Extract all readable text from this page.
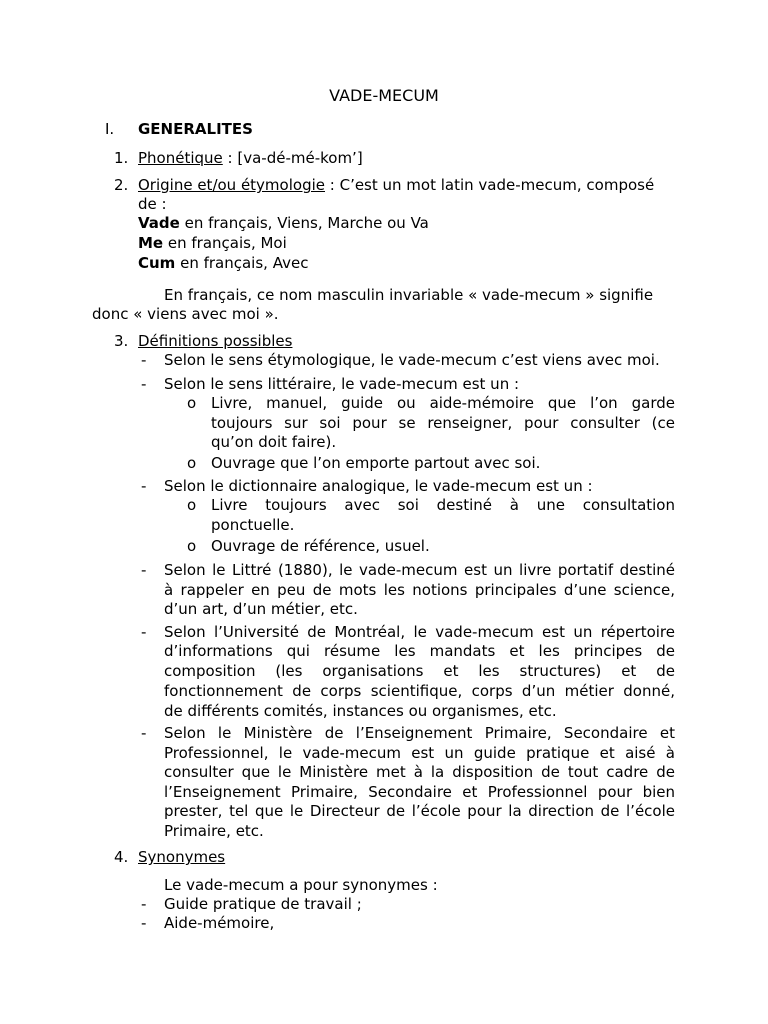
VADE-MECUM
I. GENERALITES
1. Phonétique : [va-dé-mé-kom’]
2. Origine et/ou étymologie : C’est un mot latin vade-mecum, composé
de :
Vade en français, Viens, Marche ou Va
Me en français, Moi
Cum en français, Avec
En français, ce nom masculin invariable « vade-mecum » signifie
donc « viens avec moi ».
3. Définitions possibles
- Selon le sens étymologique, le vade-mecum c’est viens avec moi.
- Selon le sens littéraire, le vade-mecum est un :
o Livre, manuel, guide ou aide-mémoire que l’on garde
toujours sur soi pour se renseigner, pour consulter (ce
qu’on doit faire).
o Ouvrage que l’on emporte partout avec soi.
- Selon le dictionnaire analogique, le vade-mecum est un :
o Livre toujours avec soi destiné à une consultation
ponctuelle.
o Ouvrage de référence, usuel.
- Selon le Littré (1880), le vade-mecum est un livre portatif destiné
à rappeler en peu de mots les notions principales d’une science,
d’un art, d’un métier, etc.
- Selon l’Université de Montréal, le vade-mecum est un répertoire
d’informations qui résume les mandats et les principes de
composition (les organisations et les structures) et de
fonctionnement de corps scientifique, corps d’un métier donné,
de différents comités, instances ou organismes, etc.
- Selon le Ministère de l’Enseignement Primaire, Secondaire et
Professionnel, le vade-mecum est un guide pratique et aisé à
consulter que le Ministère met à la disposition de tout cadre de
l’Enseignement Primaire, Secondaire et Professionnel pour bien
prester, tel que le Directeur de l’école pour la direction de l’école
Primaire, etc.
4. Synonymes
Le vade-mecum a pour synonymes :
- Guide pratique de travail ;
- Aide-mémoire,
